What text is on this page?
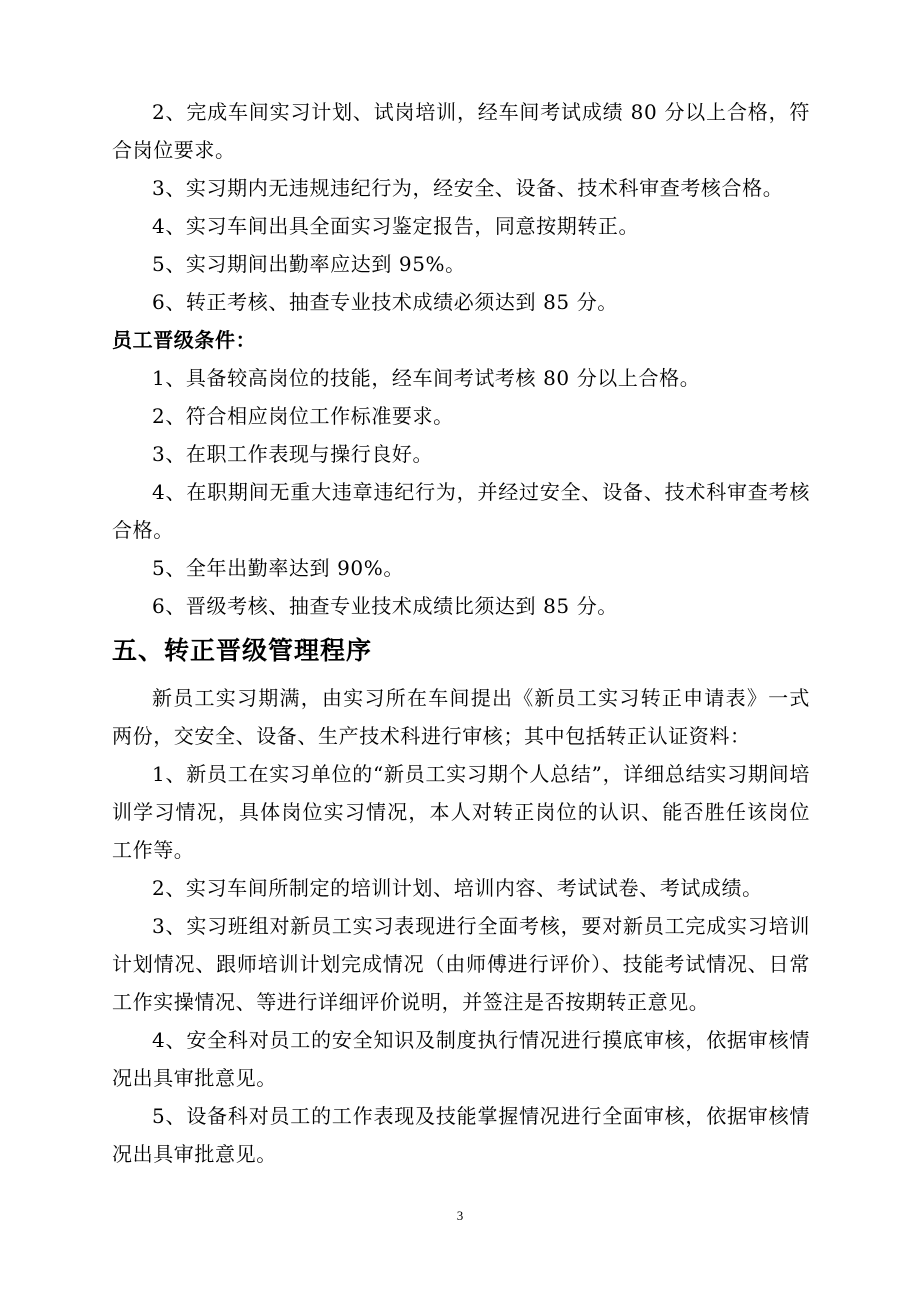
2、完成车间实习计划、试岗培训，经车间考试成绩 80 分以上合格，符合岗位要求。

3、实习期内无违规违纪行为，经安全、设备、技术科审查考核合格。

4、实习车间出具全面实习鉴定报告，同意按期转正。

5、实习期间出勤率应达到 95%。

6、转正考核、抽查专业技术成绩必须达到 85 分。

员工晋级条件：

1、具备较高岗位的技能，经车间考试考核 80 分以上合格。

2、符合相应岗位工作标准要求。

3、在职工作表现与操行良好。

4、在职期间无重大违章违纪行为，并经过安全、设备、技术科审查考核合格。

5、全年出勤率达到 90%。

6、晋级考核、抽查专业技术成绩比须达到 85 分。

五、转正晋级管理程序

新员工实习期满，由实习所在车间提出《新员工实习转正申请表》一式两份，交安全、设备、生产技术科进行审核；其中包括转正认证资料：

1、新员工在实习单位的“新员工实习期个人总结”，详细总结实习期间培训学习情况，具体岗位实习情况，本人对转正岗位的认识、能否胜任该岗位工作等。

2、实习车间所制定的培训计划、培训内容、考试试卷、考试成绩。

3、实习班组对新员工实习表现进行全面考核，要对新员工完成实习培训计划情况、跟师培训计划完成情况（由师傅进行评价）、技能考试情况、日常工作实操情况、等进行详细评价说明，并签注是否按期转正意见。

4、安全科对员工的安全知识及制度执行情况进行摸底审核，依据审核情况出具审批意见。

5、设备科对员工的工作表现及技能掌握情况进行全面审核，依据审核情况出具审批意见。

3
